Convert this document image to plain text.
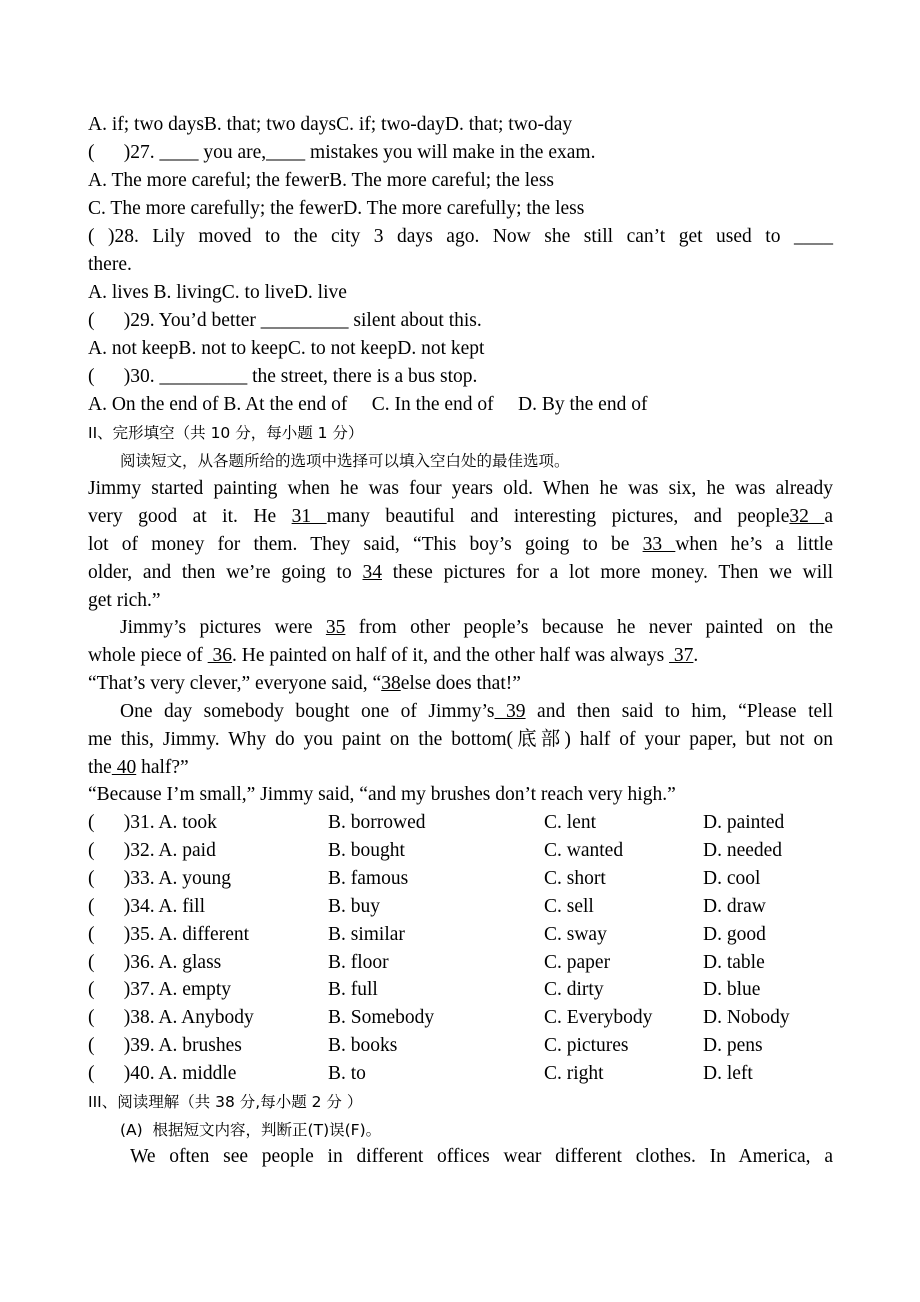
A. if; two daysB. that; two daysC. if; two-dayD. that; two-day
(      )27. ____ you are,____ mistakes you will make in the exam.
A. The more careful; the fewerB. The more careful; the less
C. The more carefully; the fewerD. The more carefully; the less
( )28. Lily moved to the city 3 days ago. Now she still can’t get used to ____
there.
A. lives B. livingC. to liveD. live
(      )29. You’d better _________ silent about this.
A. not keepB. not to keepC. to not keepD. not kept
(      )30. _________ the street, there is a bus stop.
A. On the end of B. At the end of     C. In the end of     D. By the end of
II、完形填空（共 10 分，每小题 1 分）
阅读短文，从各题所给的选项中选择可以填入空白处的最佳选项。
Jimmy started painting when he was four years old. When he was six, he was already
very good at it. He 31 many beautiful and interesting pictures, and people32 a
lot of money for them. They said, “This boy’s going to be 33 when he’s a little
older, and then we’re going to 34 these pictures for a lot more money. Then we will
get rich.”
Jimmy’s pictures were 35 from other people’s because he never painted on the
whole piece of  36. He painted on half of it, and the other half was always  37.
“That’s very clever,” everyone said, “38else does that!”
One day somebody bought one of Jimmy’s 39 and then said to him, “Please tell
me this, Jimmy. Why do you paint on the bottom(底部) half of your paper, but not on
the 40 half?”
“Because I’m small,” Jimmy said, “and my brushes don’t reach very high.”
(      )31. A. took	B. borrowed	C. lent	D. painted
(      )32. A. paid	B. bought	C. wanted	D. needed
(      )33. A. young	B. famous	C. short	D. cool
(      )34. A. fill	B. buy	C. sell	D. draw
(      )35. A. different	B. similar	C. sway	D. good
(      )36. A. glass	B. floor	C. paper	D. table
(      )37. A. empty	B. full	C. dirty	D. blue
(      )38. A. Anybody	B. Somebody	C. Everybody	D. Nobody
(      )39. A. brushes	B. books	C. pictures	D. pens
(      )40. A. middle	B. to	C. right	D. left
III、阅读理解（共 38 分,每小题 2 分 ）
(A)  根据短文内容，判断正(T)误(F)。
We often see people in different offices wear different clothes. In America, a
